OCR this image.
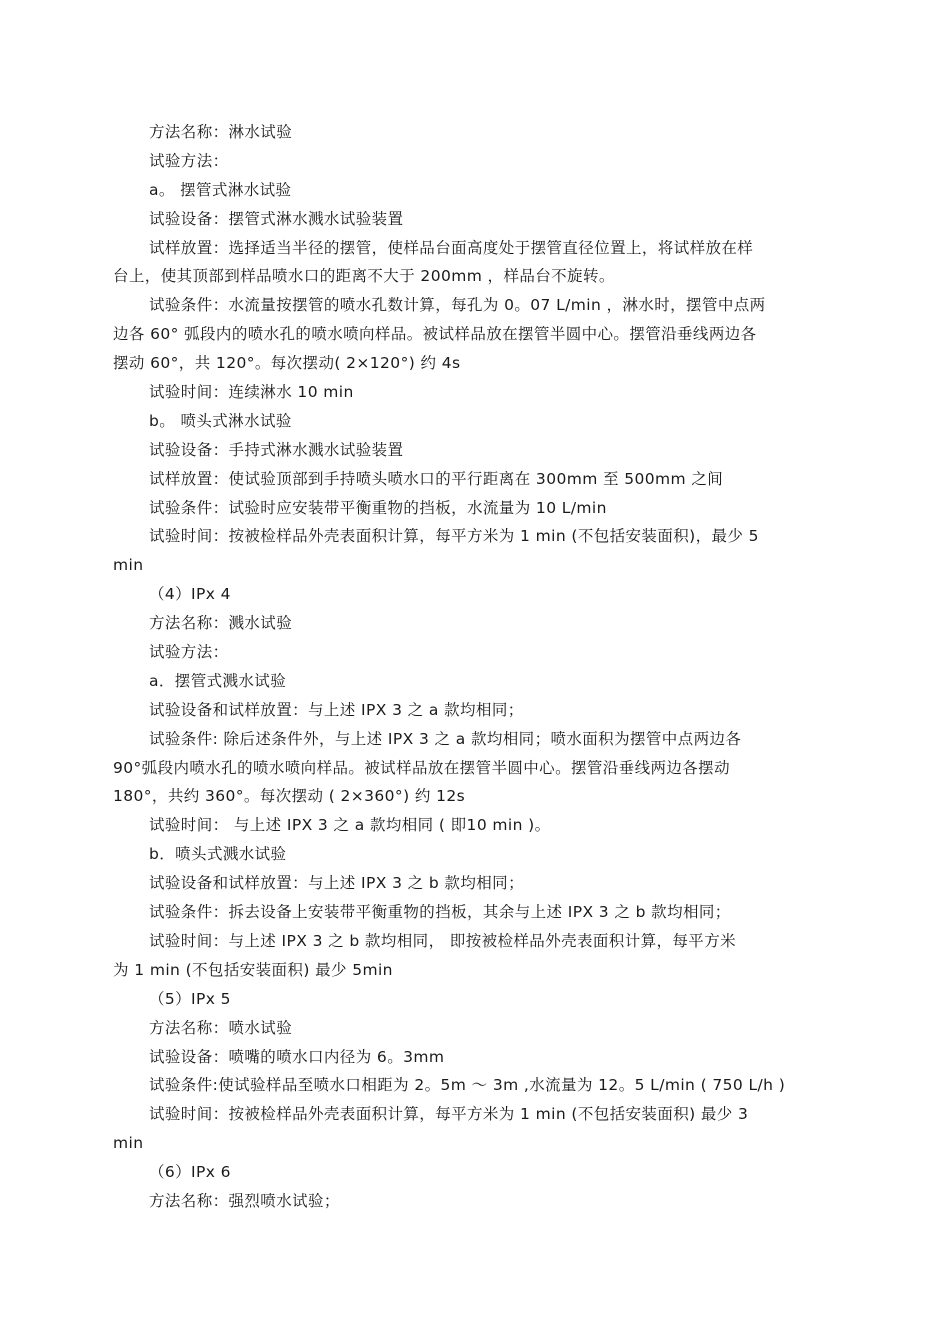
方法名称：淋水试验
试验方法：
a。 摆管式淋水试验
试验设备：摆管式淋水溅水试验装置
试样放置：选择适当半径的摆管，使样品台面高度处于摆管直径位置上，将试样放在样
台上，使其顶部到样品喷水口的距离不大于 200mm ，样品台不旋转。
试验条件：水流量按摆管的喷水孔数计算，每孔为 0。07 L/min ，淋水时，摆管中点两
边各 60° 弧段内的喷水孔的喷水喷向样品。被试样品放在摆管半圆中心。摆管沿垂线两边各
摆动 60°，共 120°。每次摆动( 2×120°) 约 4s
试验时间：连续淋水 10 min
b。 喷头式淋水试验
试验设备：手持式淋水溅水试验装置
试样放置：使试验顶部到手持喷头喷水口的平行距离在 300mm 至 500mm 之间
试验条件：试验时应安装带平衡重物的挡板，水流量为 10 L/min
试验时间：按被检样品外壳表面积计算，每平方米为 1 min (不包括安装面积)，最少 5
min
（4）IPx 4
方法名称：溅水试验
试验方法：
a．摆管式溅水试验
试验设备和试样放置：与上述 IPX 3 之 a 款均相同；
试验条件: 除后述条件外，与上述 IPX 3 之 a 款均相同；喷水面积为摆管中点两边各
90°弧段内喷水孔的喷水喷向样品。被试样品放在摆管半圆中心。摆管沿垂线两边各摆动
180°，共约 360°。每次摆动 ( 2×360°) 约 12s
试验时间： 与上述 IPX 3 之 a 款均相同 ( 即10 min )。
b．喷头式溅水试验
试验设备和试样放置：与上述 IPX 3 之 b 款均相同；
试验条件：拆去设备上安装带平衡重物的挡板，其余与上述 IPX 3 之 b 款均相同；
试验时间：与上述 IPX 3 之 b 款均相同， 即按被检样品外壳表面积计算，每平方米
为 1 min (不包括安装面积) 最少 5min
（5）IPx 5
方法名称：喷水试验
试验设备：喷嘴的喷水口内径为 6。3mm
试验条件:使试验样品至喷水口相距为 2。5m ～ 3m ,水流量为 12。5 L/min ( 750 L/h )
试验时间：按被检样品外壳表面积计算，每平方米为 1 min (不包括安装面积) 最少 3
min
（6）IPx 6
方法名称：强烈喷水试验；
